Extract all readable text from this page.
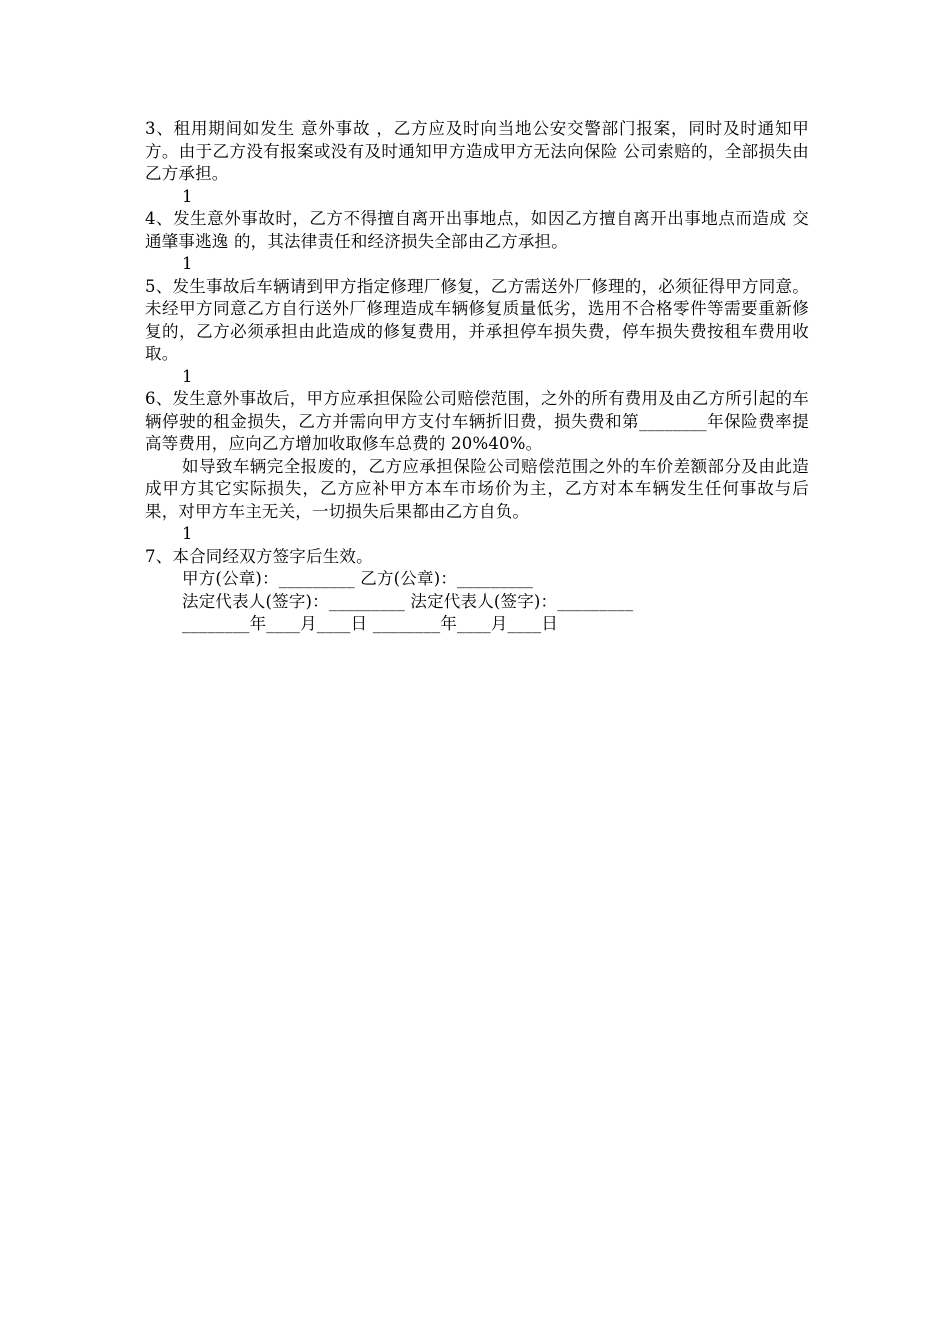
3、租用期间如发生 意外事故 ，乙方应及时向当地公安交警部门报案，同时及时通知甲方。由于乙方没有报案或没有及时通知甲方造成甲方无法向保险 公司索赔的，全部损失由乙方承担。

1

4、发生意外事故时，乙方不得擅自离开出事地点，如因乙方擅自离开出事地点而造成 交通肇事逃逸 的，其法律责任和经济损失全部由乙方承担。

1

5、发生事故后车辆请到甲方指定修理厂修复，乙方需送外厂修理的，必须征得甲方同意。未经甲方同意乙方自行送外厂修理造成车辆修复质量低劣，选用不合格零件等需要重新修复的，乙方必须承担由此造成的修复费用，并承担停车损失费，停车损失费按租车费用收取。

1

6、发生意外事故后，甲方应承担保险公司赔偿范围，之外的所有费用及由乙方所引起的车辆停驶的租金损失，乙方并需向甲方支付车辆折旧费，损失费和第________年保险费率提高等费用，应向乙方增加收取修车总费的 20%40%。

如导致车辆完全报废的，乙方应承担保险公司赔偿范围之外的车价差额部分及由此造成甲方其它实际损失，乙方应补甲方本车市场价为主，乙方对本车辆发生任何事故与后果，对甲方车主无关，一切损失后果都由乙方自负。

1

7、本合同经双方签字后生效。

甲方(公章)：_________ 乙方(公章)：_________

法定代表人(签字)：_________ 法定代表人(签字)：_________

________年____月____日 ________年____月____日
